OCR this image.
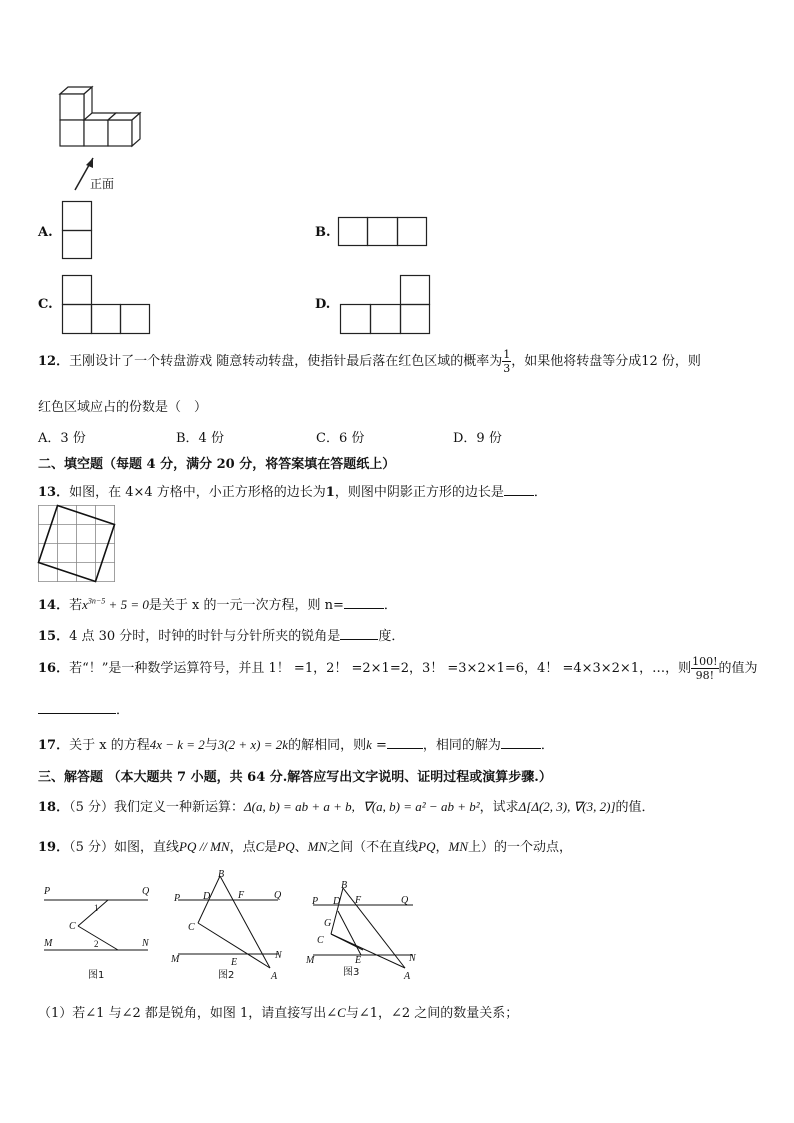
正面
A.	B.
C.	D.
12．王刚设计了一个转盘游戏 随意转动转盘，使指针最后落在红色区域的概率为 $\frac{1}{3}$ ，如果他将转盘等分成12 份，则
红色区域应占的份数是（　）
A．3 份	B．4 份	C．6 份	D．9 份
二、填空题（每题 4 分，满分 20 分，将答案填在答题纸上）
13．如图，在 4×4 方格中，小正方形格的边长为1，则图中阴影正方形的边长是 ．
14．若$x^{3n-5} + 5 = 0$是关于 x 的一元一次方程，则 n=	．
15．4 点 30 分时，时钟的时针与分针所夹的锐角是	度．
16．若“！”是一种数学运算符号，并且 1！ =1，2！ =2×1=2，3！ =3×2×1=6，4！ =4×3×2×1，…，则 $\frac{100!}{98!}$ 的值为
．
17．关于 x 的方程4x − k = 2与3(2 + x) = 2k的解相同，则k =	，相同的解为	．
三、解答题 （本大题共 7 小题，共 64 分.解答应写出文字说明、证明过程或演算步骤.）
18．（5 分）我们定义一种新运算：Δ(a, b) = ab + a + b, ∇(a, b) = a² − ab + b²，试求Δ[Δ(2, 3), ∇(3, 2)]的值．
19．（5 分）如图，直线PQ // MN，点C是PQ、MN之间（不在直线PQ，MN上）的一个动点，
P	Q
M	N
C
1
2
图1
B
P D	F	Q
C
M	E
N
A
图2
B
P D F	Q
G
C
M	E	N
A
图3
（1）若∠1 与∠2 都是锐角，如图 1，请直接写出∠C与∠1，∠2 之间的数量关系；
